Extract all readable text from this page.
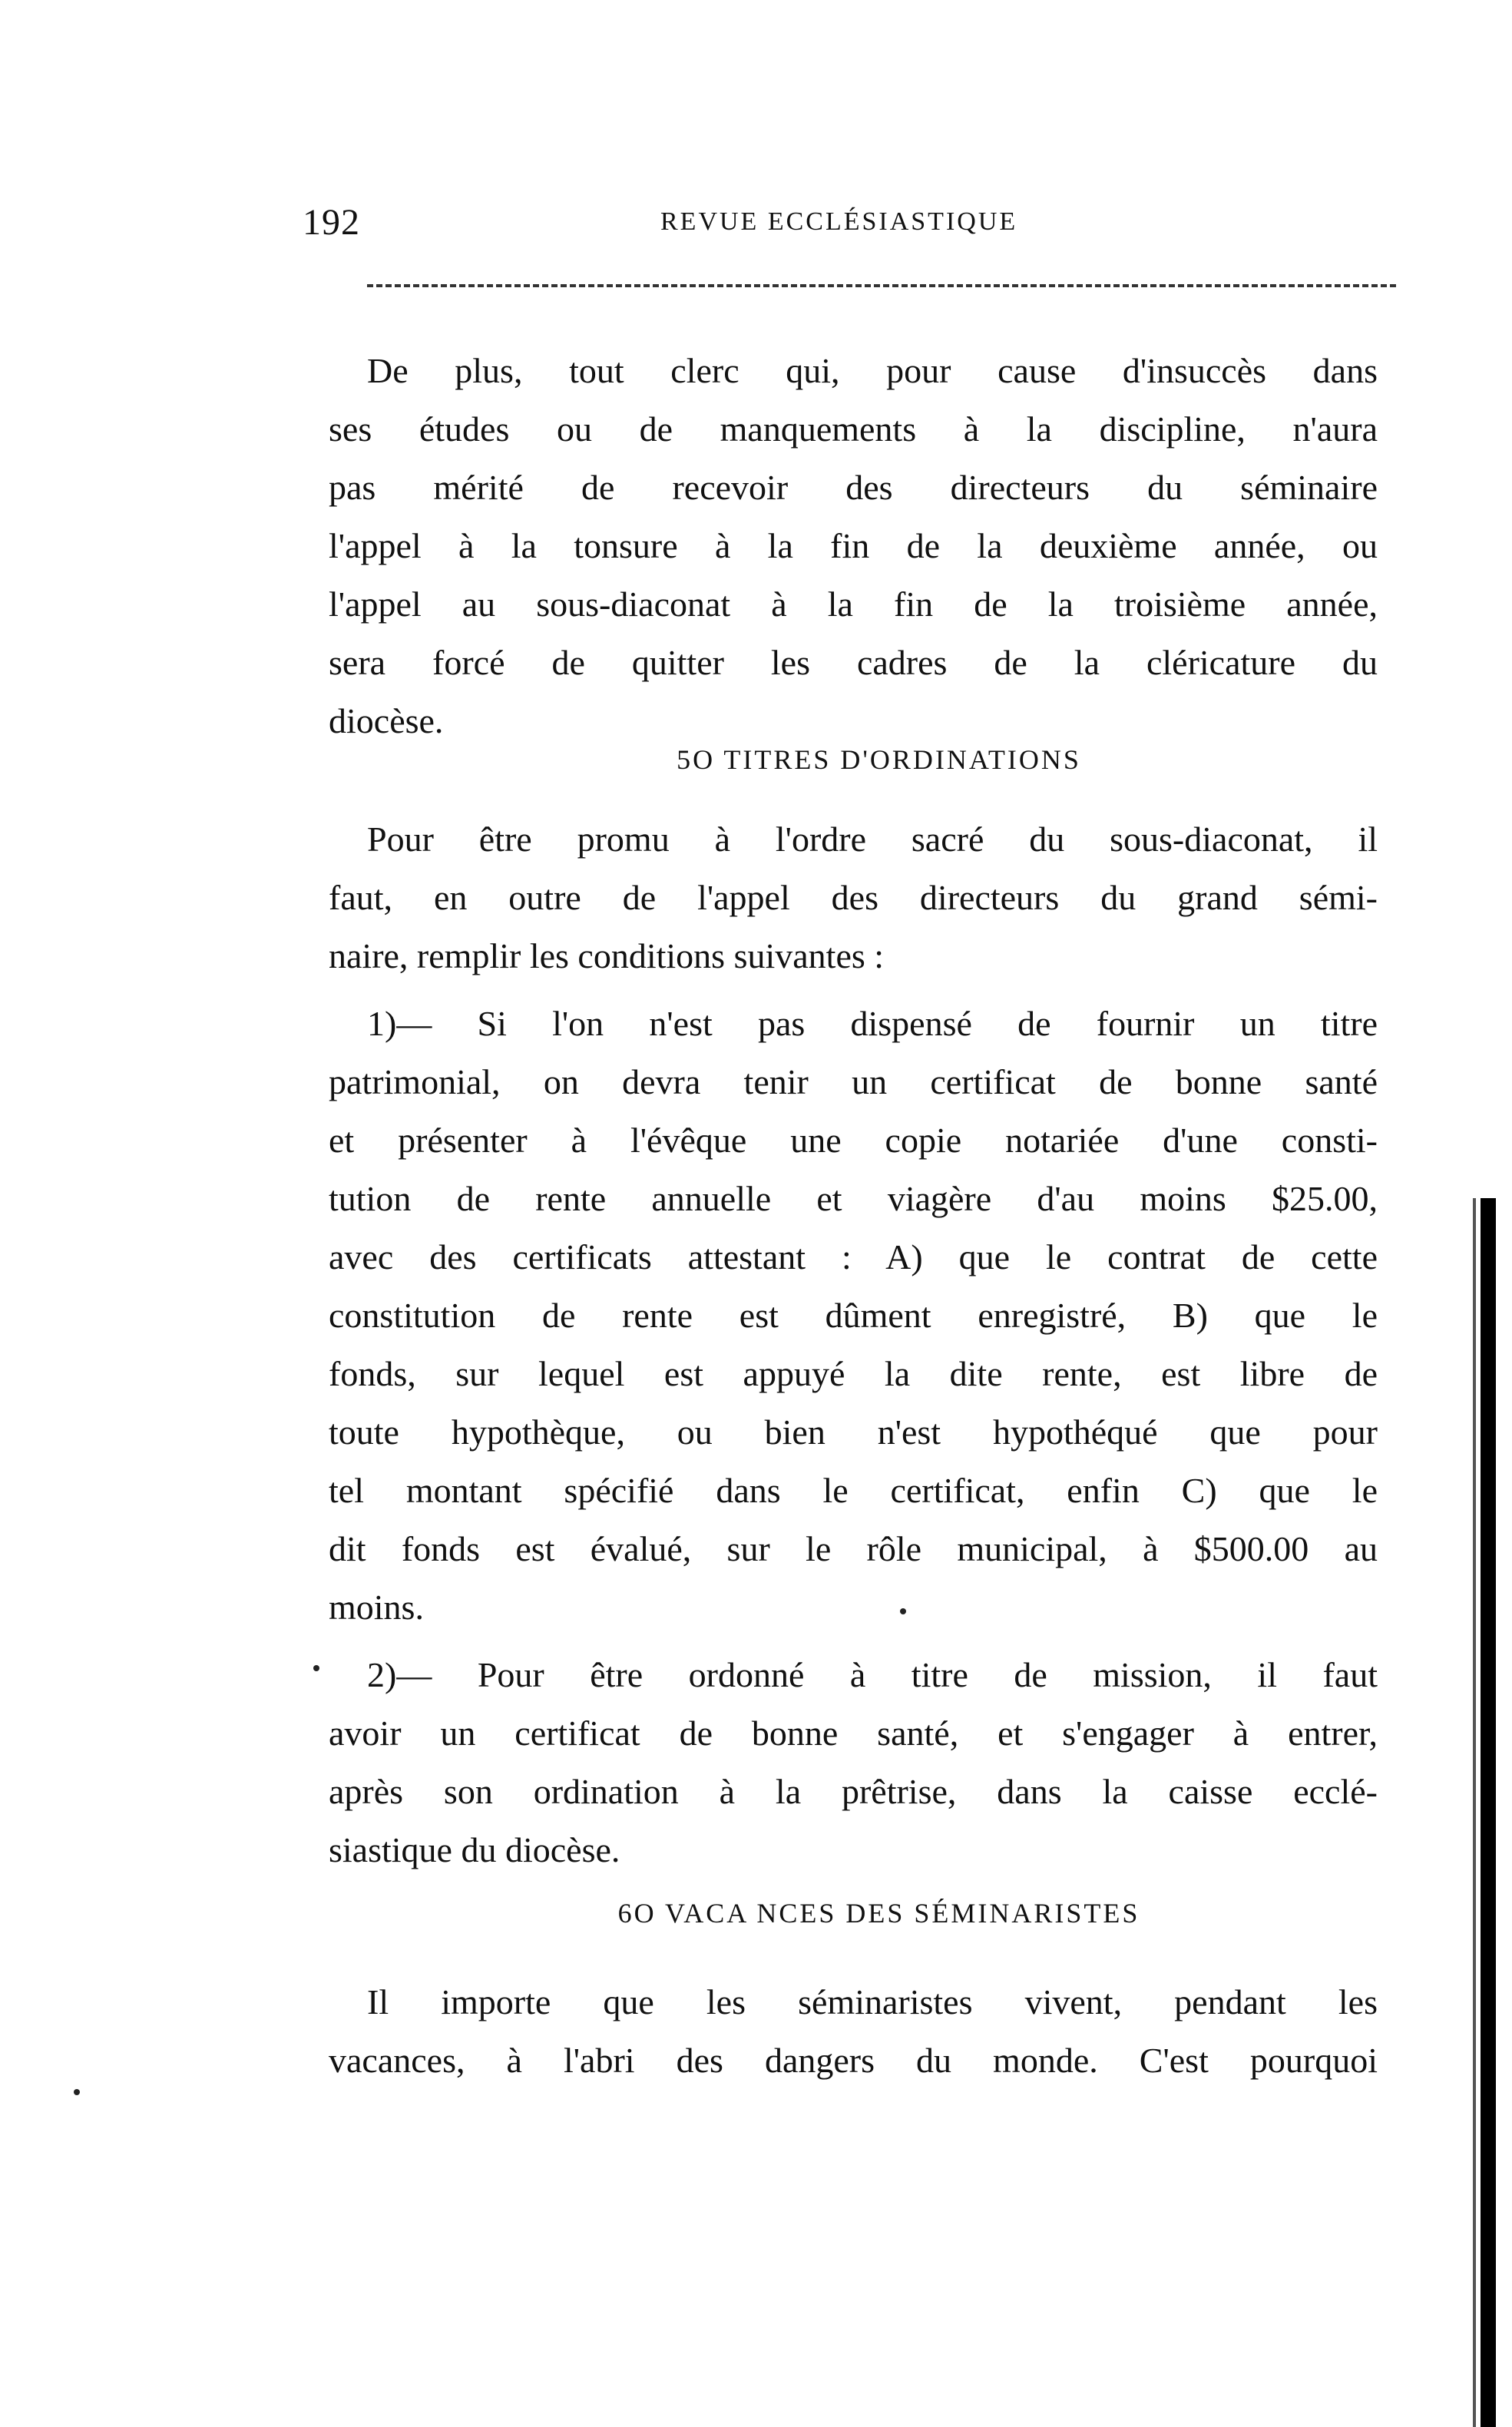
192	REVUE ECCLÉSIASTIQUE
De plus, tout clerc qui, pour cause d'insuccès dans
ses études ou de manquements à la discipline, n'aura
pas mérité de recevoir des directeurs du séminaire
l'appel à la tonsure à la fin de la deuxième année, ou
l'appel au sous-diaconat à la fin de la troisième année,
sera forcé de quitter les cadres de la cléricature du
diocèse.
5O TITRES D'ORDINATIONS
Pour être promu à l'ordre sacré du sous-diaconat, il
faut, en outre de l'appel des directeurs du grand sémi-
naire, remplir les conditions suivantes :
1)— Si l'on n'est pas dispensé de fournir un titre
patrimonial, on devra tenir un certificat de bonne santé
et présenter à l'évêque une copie notariée d'une consti-
tution de rente annuelle et viagère d'au moins $25.00,
avec des certificats attestant : A) que le contrat de cette
constitution de rente est dûment enregistré, B) que le
fonds, sur lequel est appuyé la dite rente, est libre de
toute hypothèque, ou bien n'est hypothéqué que pour
tel montant spécifié dans le certificat, enfin C) que le
dit fonds est évalué, sur le rôle municipal, à $500.00 au
moins.
2)— Pour être ordonné à titre de mission, il faut
avoir un certificat de bonne santé, et s'engager à entrer,
après son ordination à la prêtrise, dans la caisse ecclé-
siastique du diocèse.
6O VACA NCES DES SÉMINARISTES
Il importe que les séminaristes vivent, pendant les
vacances, à l'abri des dangers du monde. C'est pourquoi
